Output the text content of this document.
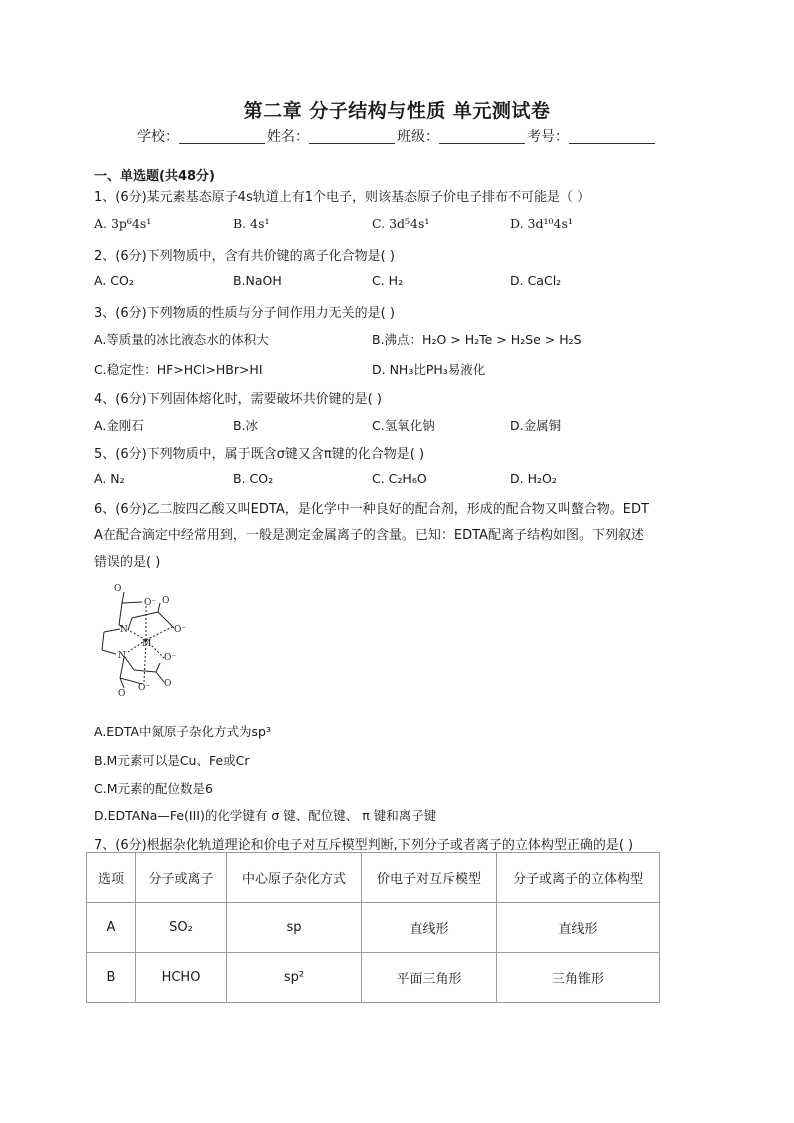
第二章 分子结构与性质 单元测试卷
学校：	姓名：	班级：	考号：
一、单选题(共48分)
1、(6分)某元素基态原子4s轨道上有1个电子，则该基态原子价电子排布不可能是（ ）
A. 3p⁶4s¹	B. 4s¹	C. 3d⁵4s¹	D. 3d¹⁰4s¹
2、(6分)下列物质中，含有共价键的离子化合物是( )
A. CO₂	B.NaOH	C. H₂	D. CaCl₂
3、(6分)下列物质的性质与分子间作用力无关的是( )
A.等质量的冰比液态水的体积大	B.沸点：H₂O > H₂Te > H₂Se > H₂S
C.稳定性：HF>HCl>HBr>HI	D. NH₃比PH₃易液化
4、(6分)下列固体熔化时，需要破坏共价键的是( )
A.金刚石	B.冰	C.氢氧化钠	D.金属铜
5、(6分)下列物质中，属于既含σ键又含π键的化合物是( )
A. N₂	B. CO₂	C. C₂H₆O	D. H₂O₂
6、(6分)乙二胺四乙酸又叫EDTA，是化学中一种良好的配合剂，形成的配合物又叫螯合物。EDT
A在配合滴定中经常用到，一般是测定金属离子的含量。已知：EDTA配离子结构如图。下列叙述
错误的是( )
O
O⁻ O
O⁻
N
M
N	O⁻
O
O⁻
O
A.EDTA中氮原子杂化方式为sp³
B.M元素可以是Cu、Fe或Cr
C.M元素的配位数是6
D.EDTANa—Fe(III)的化学键有 σ 键、配位键、 π 键和离子键
7、(6分)根据杂化轨道理论和价电子对互斥模型判断,下列分子或者离子的立体构型正确的是( )
选项	分子或离子	中心原子杂化方式	价电子对互斥模型	分子或离子的立体构型
A	SO₂	sp	直线形	直线形
B	HCHO	sp²	平面三角形	三角锥形
